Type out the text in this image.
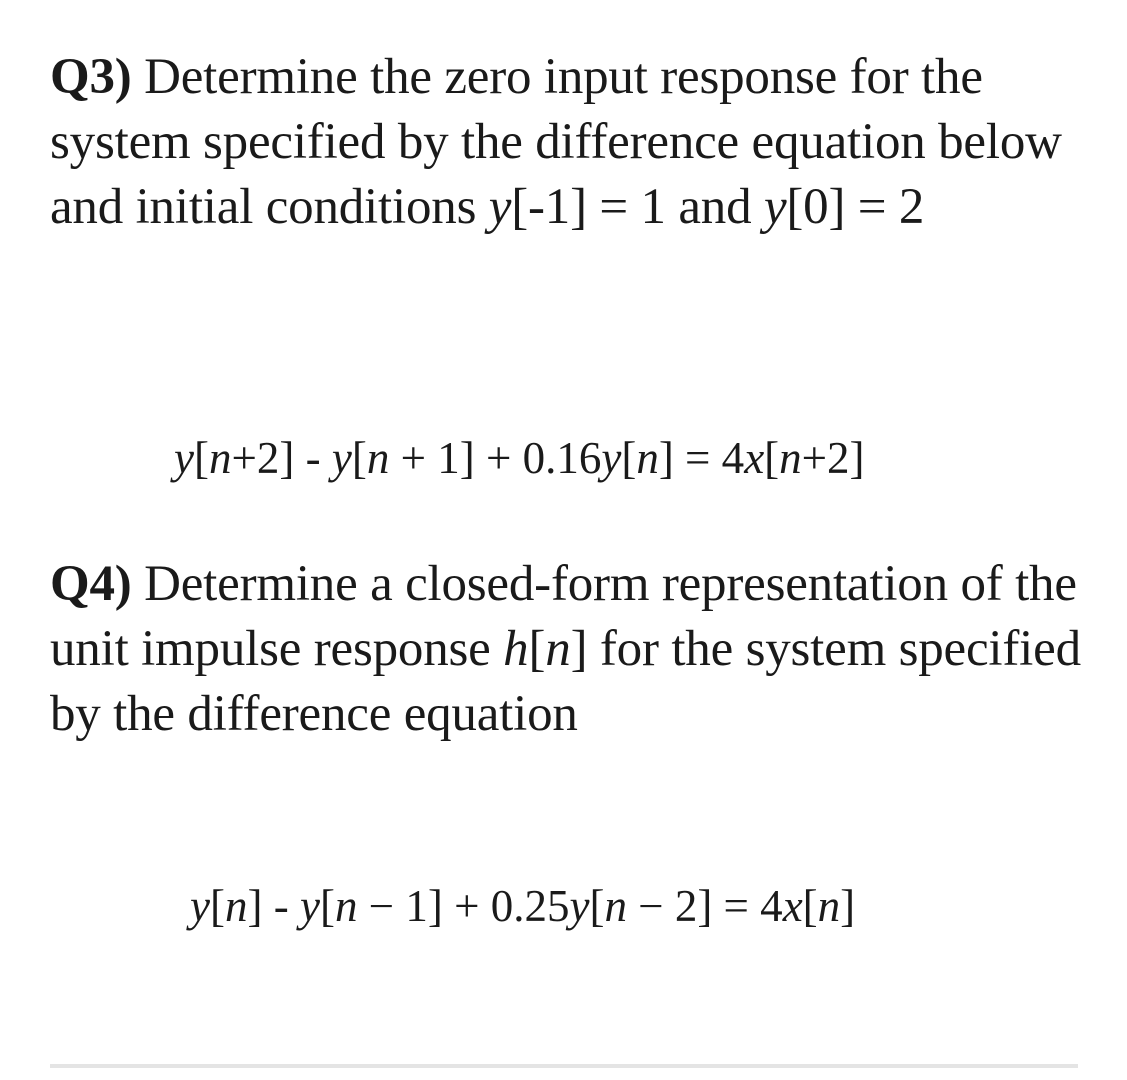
Q3) Determine the zero input response for the system specified by the difference equation below and initial conditions y[-1] = 1 and y[0] = 2
y[n+2] - y[n + 1] + 0.16y[n] = 4x[n+2]
Q4) Determine a closed-form representation of the unit impulse response h[n] for the system specified by the difference equation
y[n] - y[n − 1] + 0.25y[n − 2] = 4x[n]
